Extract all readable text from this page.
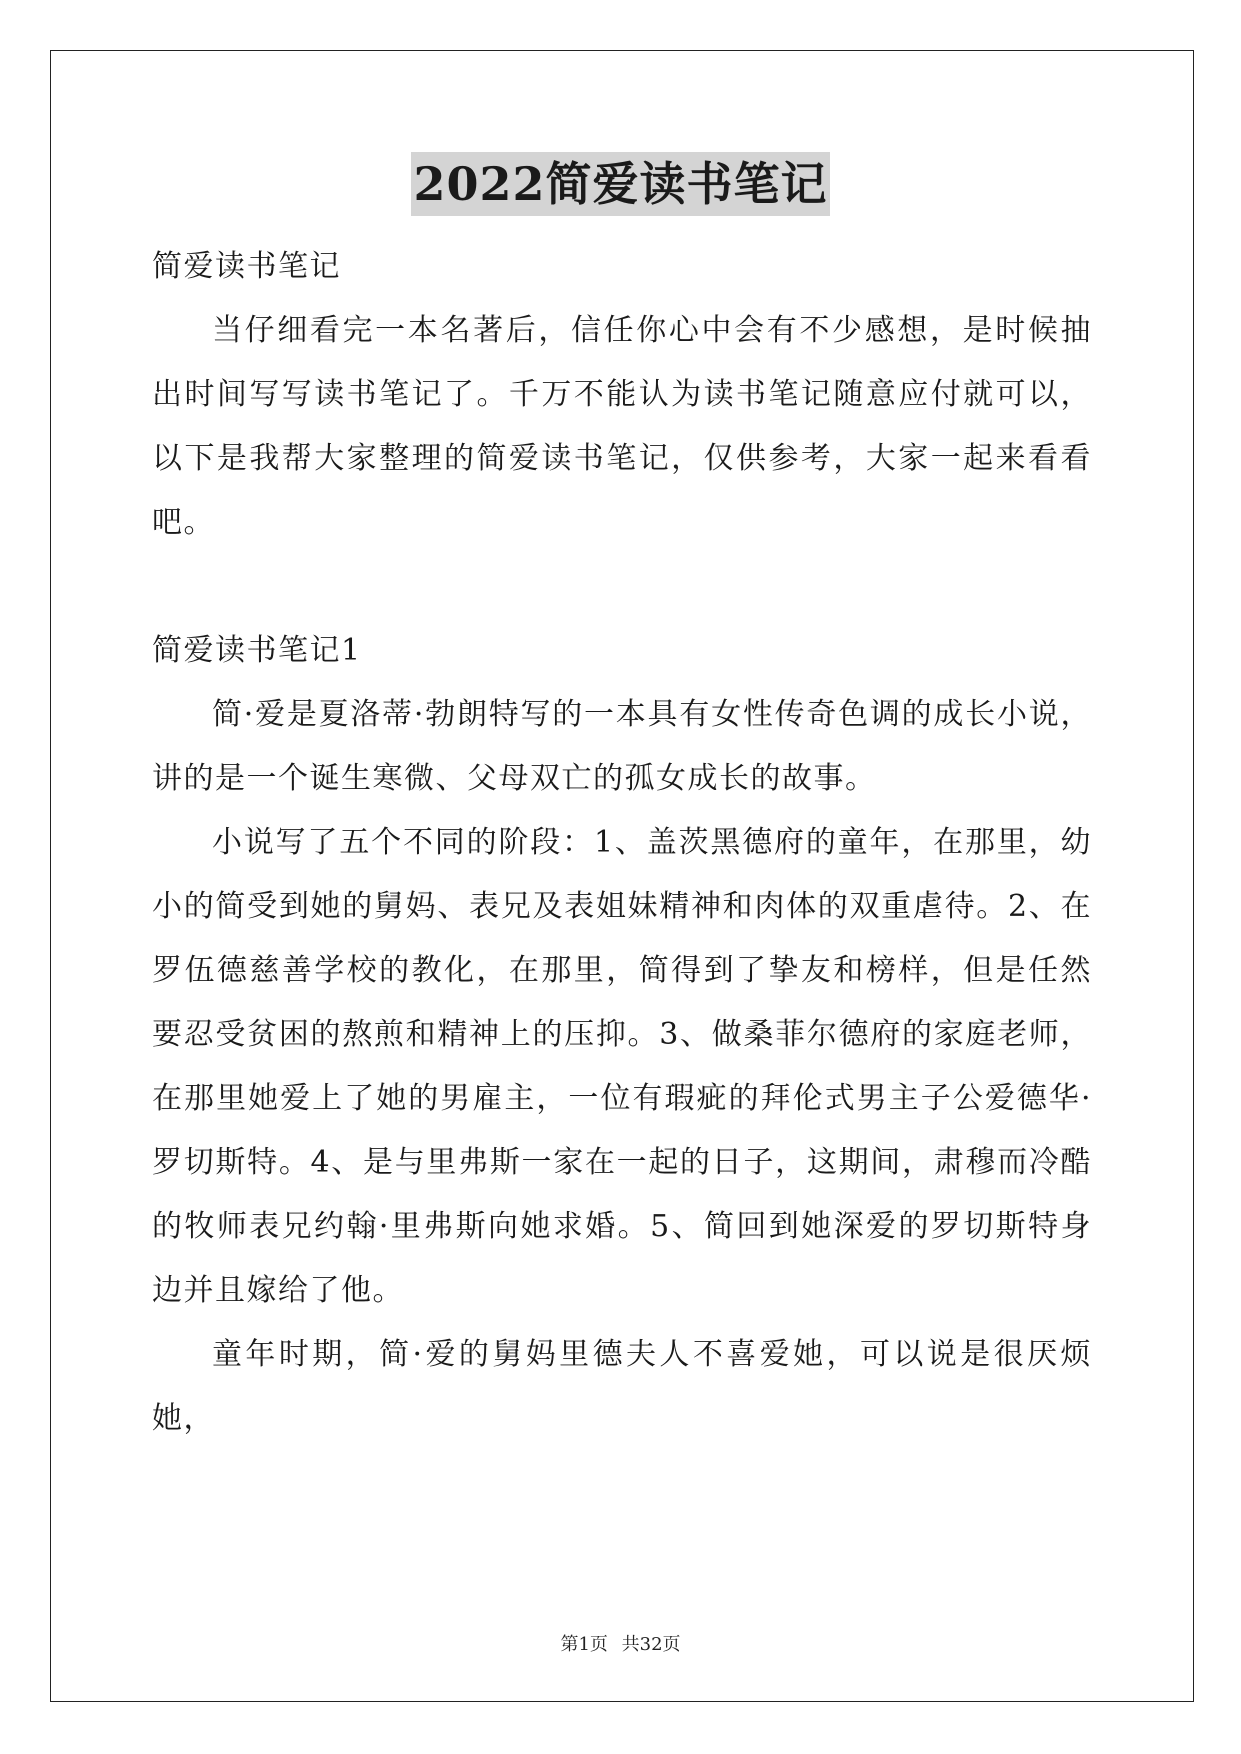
2022简爱读书笔记

简爱读书笔记

当仔细看完一本名著后，信任你心中会有不少感想，是时候抽出时间写写读书笔记了。千万不能认为读书笔记随意应付就可以，以下是我帮大家整理的简爱读书笔记，仅供参考，大家一起来看看吧。

简爱读书笔记1

简·爱是夏洛蒂·勃朗特写的一本具有女性传奇色调的成长小说，讲的是一个诞生寒微、父母双亡的孤女成长的故事。

小说写了五个不同的阶段：1、盖茨黑德府的童年，在那里，幼小的简受到她的舅妈、表兄及表姐妹精神和肉体的双重虐待。2、在罗伍德慈善学校的教化，在那里，简得到了挚友和榜样，但是任然要忍受贫困的熬煎和精神上的压抑。3、做桑菲尔德府的家庭老师，在那里她爱上了她的男雇主，一位有瑕疵的拜伦式男主子公爱德华·罗切斯特。4、是与里弗斯一家在一起的日子，这期间，肃穆而冷酷的牧师表兄约翰·里弗斯向她求婚。5、简回到她深爱的罗切斯特身边并且嫁给了他。

童年时期，简·爱的舅妈里德夫人不喜爱她，可以说是很厌烦她，

第1页 共32页
